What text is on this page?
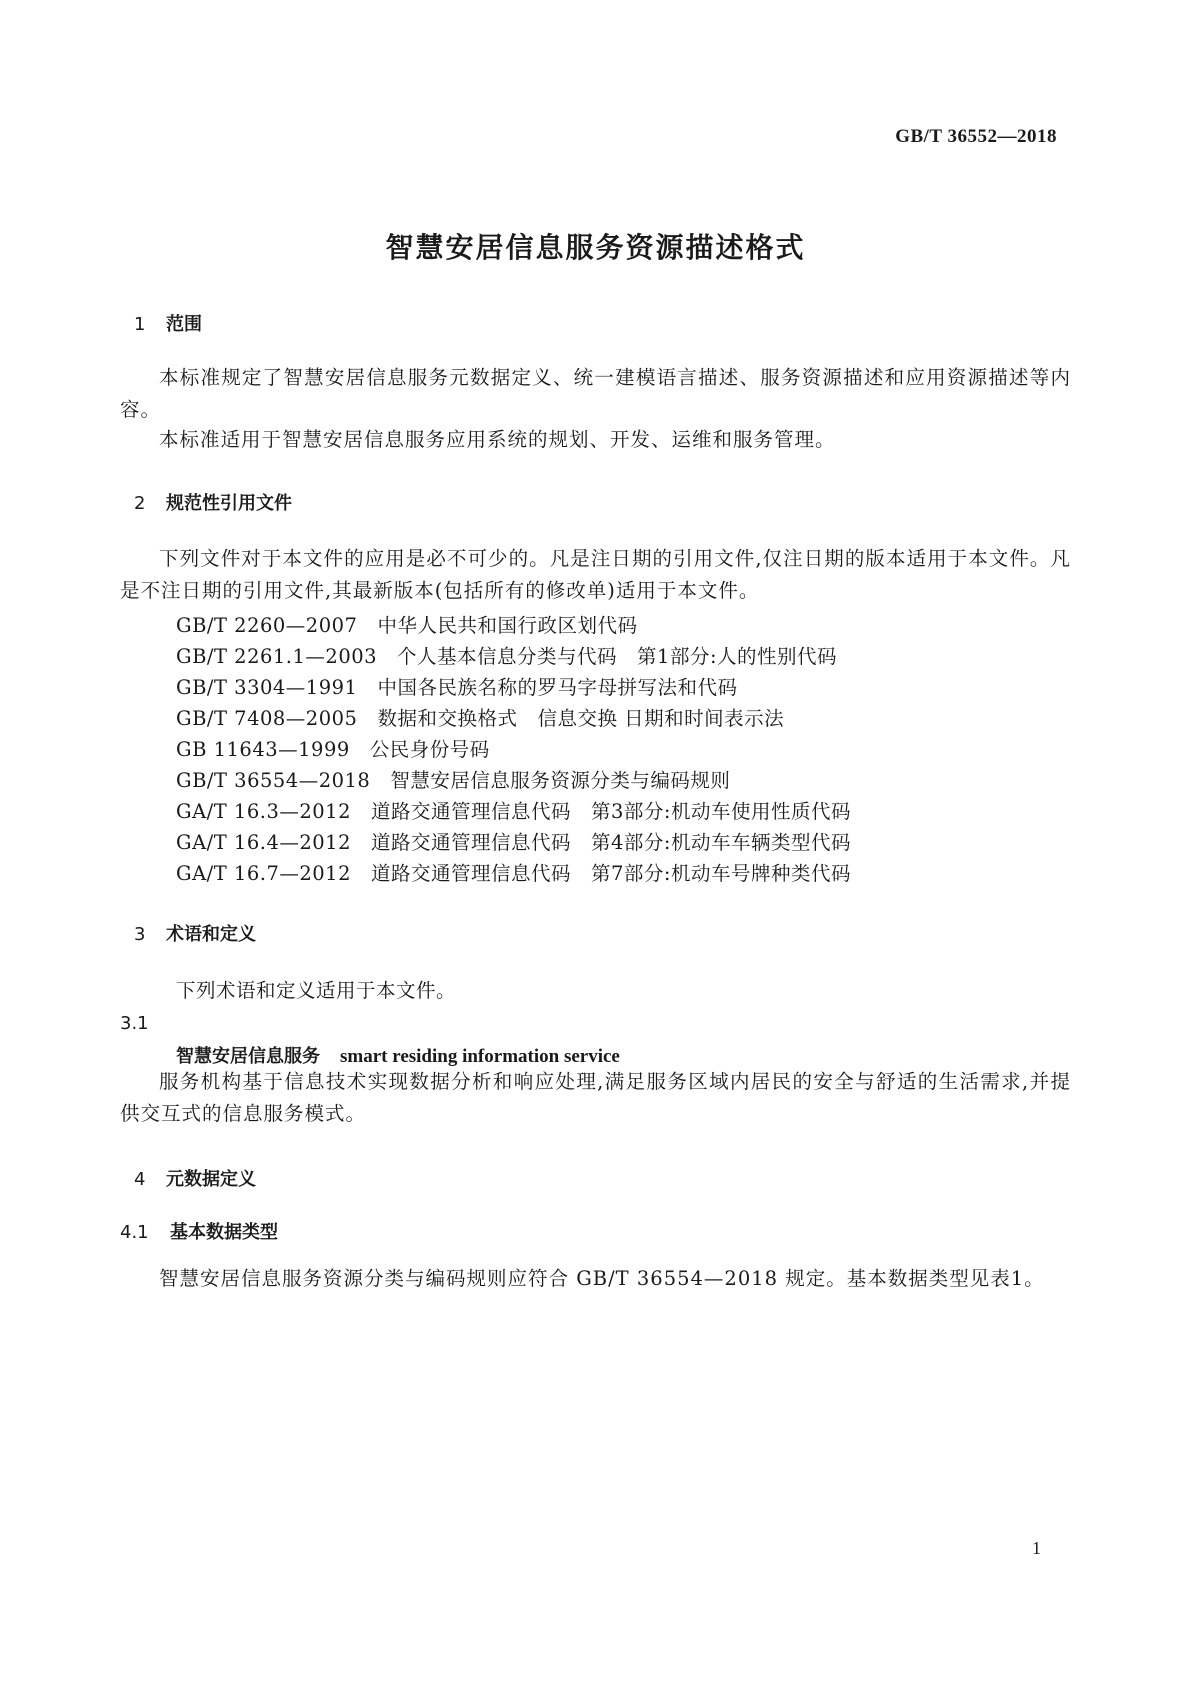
GB/T 36552—2018
智慧安居信息服务资源描述格式
1 范围
本标准规定了智慧安居信息服务元数据定义、统一建模语言描述、服务资源描述和应用资源描述等内容。
本标准适用于智慧安居信息服务应用系统的规划、开发、运维和服务管理。
2 规范性引用文件
下列文件对于本文件的应用是必不可少的。凡是注日期的引用文件,仅注日期的版本适用于本文件。凡是不注日期的引用文件,其最新版本(包括所有的修改单)适用于本文件。
GB/T 2260—2007 中华人民共和国行政区划代码
GB/T 2261.1—2003 个人基本信息分类与代码　第1部分:人的性别代码
GB/T 3304—1991 中国各民族名称的罗马字母拼写法和代码
GB/T 7408—2005 数据和交换格式　信息交换 日期和时间表示法
GB 11643—1999 公民身份号码
GB/T 36554—2018 智慧安居信息服务资源分类与编码规则
GA/T 16.3—2012 道路交通管理信息代码　第3部分:机动车使用性质代码
GA/T 16.4—2012 道路交通管理信息代码　第4部分:机动车车辆类型代码
GA/T 16.7—2012 道路交通管理信息代码　第7部分:机动车号牌种类代码
3 术语和定义
下列术语和定义适用于本文件。
3.1
智慧安居信息服务 smart residing information service
服务机构基于信息技术实现数据分析和响应处理,满足服务区域内居民的安全与舒适的生活需求,并提供交互式的信息服务模式。
4 元数据定义
4.1 基本数据类型
智慧安居信息服务资源分类与编码规则应符合 GB/T 36554—2018 规定。基本数据类型见表1。
1
